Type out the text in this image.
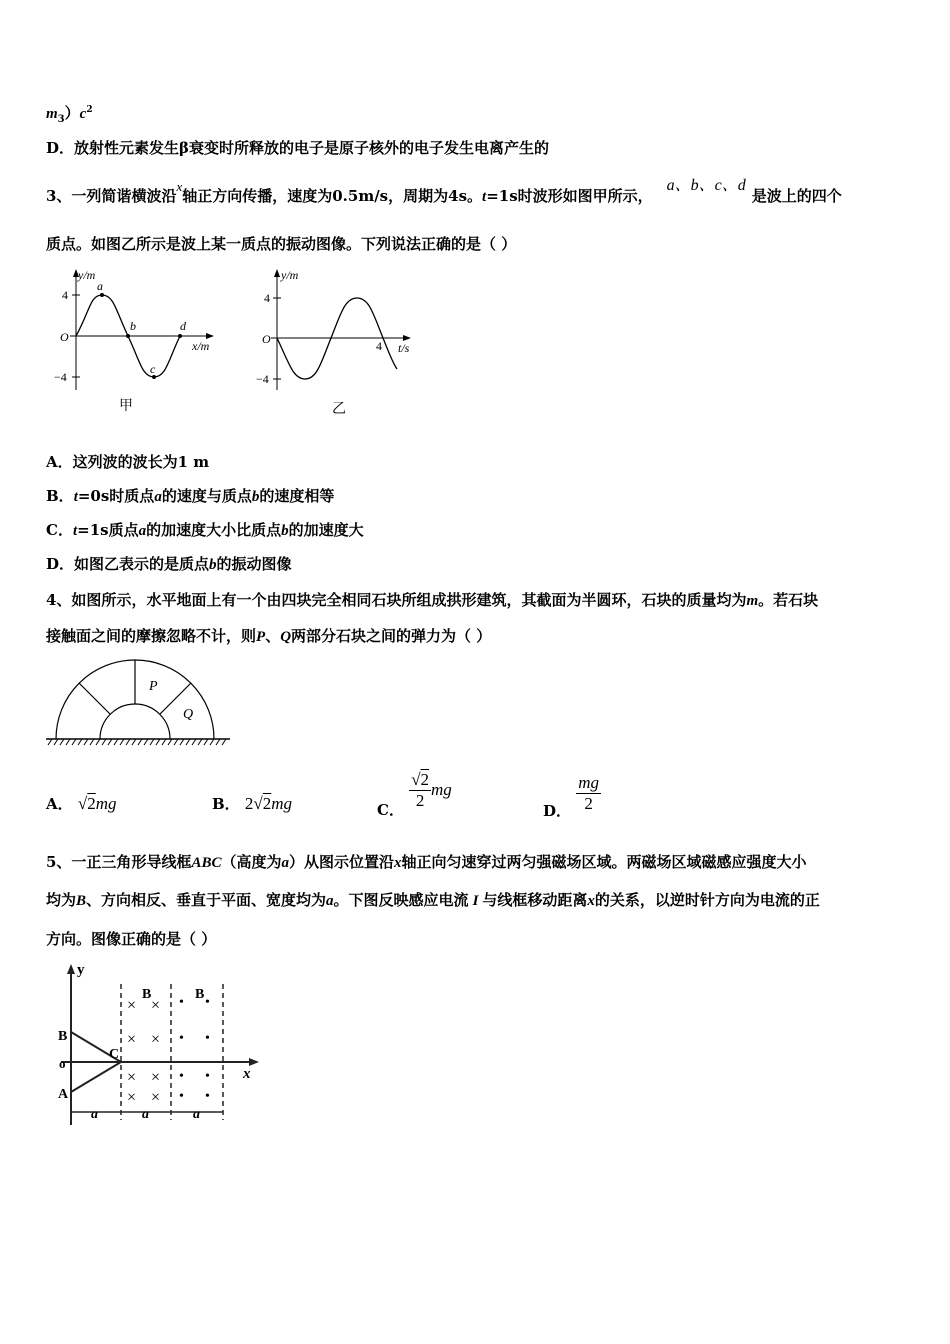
$m_3)c^2$
D．放射性元素发生β衰变时所释放的电子是原子核外的电子发生电离产生的
3、一列简谐横波沿x轴正方向传播，速度为0.5m/s，周期为4s。t=1s时波形如图甲所示，a、b、c、d是波上的四个
质点。如图乙所示是波上某一质点的振动图像。下列说法正确的是（ ）
y/m
4
−4
O
a
b
c
d
x/m
甲
y/m
4
−4
O	4 t/s
乙
A．这列波的波长为1 m
B．t=0s时质点a的速度与质点b的速度相等
C．t=1s质点a的加速度大小比质点b的加速度大
D．如图乙表示的是质点b的振动图像
4、如图所示，水平地面上有一个由四块完全相同石块所组成拱形建筑，其截面为半圆环，石块的质量均为m。若石块
接触面之间的摩擦忽略不计，则P、Q两部分石块之间的弹力为（ ）
P
Q
A． √2mg	B． 2√2mg	C． $\frac{√2}{2}$ mg
D． $\frac{mg}{2}$
5、一正三角形导线框ABC（高度为a）从图示位置沿x轴正向匀速穿过两匀强磁场区域。两磁场区域磁感应强度大小
均为B、方向相反、垂直于平面、宽度均为a。下图反映感应电流 I 与线框移动距离x的关系，以逆时针方向为电流的正
方向。图像正确的是（ ）
y
x
B
o
A
C
B	B
× ×
× ×
× ×
× ×
• •
• •
• •
• •
a	a	a
